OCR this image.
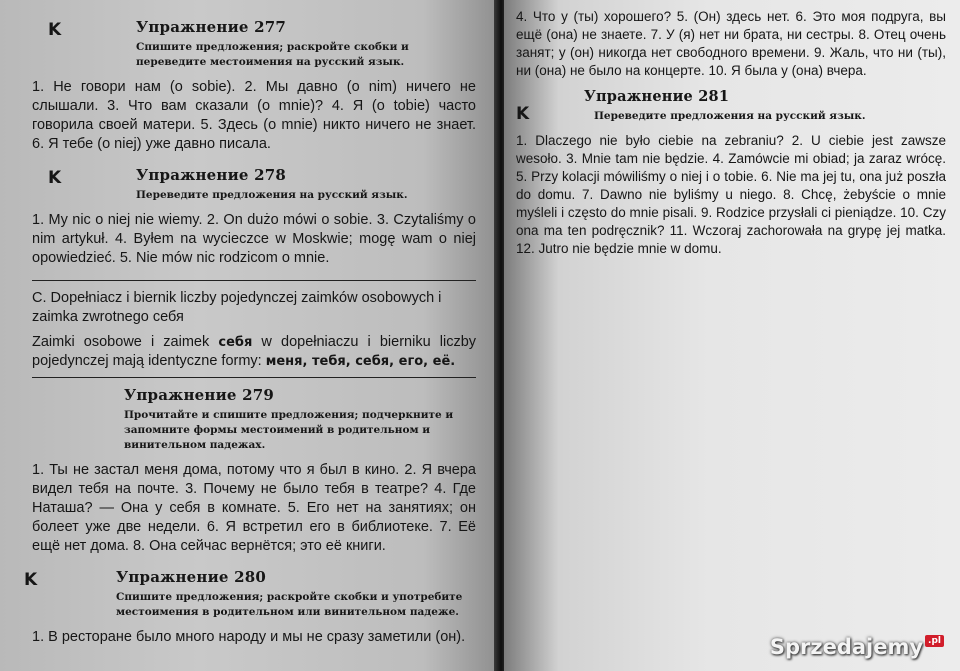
K	Упражнение 277
Спишите предложения; раскройте скобки и переведите местоимения на русский язык.

1. Не говори нам (o sobie). 2. Мы давно (o nim) ничего не слышали. 3. Что вам сказали (o mnie)? 4. Я (o tobie) часто говорила своей матери. 5. Здесь (o mnie) никто ничего не знает. 6. Я тебе (o niej) уже давно писала.

K	Упражнение 278
Переведите предложения на русский язык.

1. My nic o niej nie wiemy. 2. On dużo mówi o sobie. 3. Czytaliśmy o nim artykuł. 4. Byłem na wycieczce w Moskwie; mogę wam o niej opowiedzieć. 5. Nie mów nic rodzicom o mnie.

C. Dopełniacz i biernik liczby pojedynczej zaimków osobowych i zaimka zwrotnego себя

Zaimki osobowe i zaimek себя w dopełniaczu i bierniku liczby pojedynczej mają identyczne formy: меня, тебя, себя, его, её.

Упражнение 279
Прочитайте и спишите предложения; подчеркните и запомните формы местоимений в родительном и винительном падежах.

1. Ты не застал меня дома, потому что я был в кино. 2. Я вчера видел тебя на почте. 3. Почему не было тебя в театре? 4. Где Наташа? — Она у себя в комнате. 5. Его нет на занятиях; он болеет уже две недели. 6. Я встретил его в библиотеке. 7. Её ещё нет дома. 8. Она сейчас вернётся; это её книги.

K	Упражнение 280
Спишите предложения; раскройте скобки и употребите местоимения в родительном или винительном падеже.

1. В ресторане было много народу и мы не сразу заметили (он).

4. Что у (ты) хорошего? 5. (Он) здесь нет. 6. Это моя подруга, вы ещё (она) не знаете. 7. У (я) нет ни брата, ни сестры. 8. Отец очень занят; у (он) никогда нет свободного времени. 9. Жаль, что ни (ты), ни (она) не было на концерте. 10. Я была у (она) вчера.

K
Упражнение 281
Переведите предложения на русский язык.

1. Dlaczego nie było ciebie na zebraniu? 2. U ciebie jest zawsze wesoło. 3. Mnie tam nie będzie. 4. Zamówcie mi obiad; ja zaraz wrócę. 5. Przy kolacji mówiliśmy o niej i o tobie. 6. Nie ma jej tu, ona już poszła do domu. 7. Dawno nie byliśmy u niego. 8. Chcę, żebyście o mnie myśleli i często do mnie pisali. 9. Rodzice przysłali ci pieniądze. 10. Czy ona ma ten podręcznik? 11. Wczoraj zachorowała na grypę jej matka. 12. Jutro nie będzie mnie w domu.

Sprzedajemy .pl
